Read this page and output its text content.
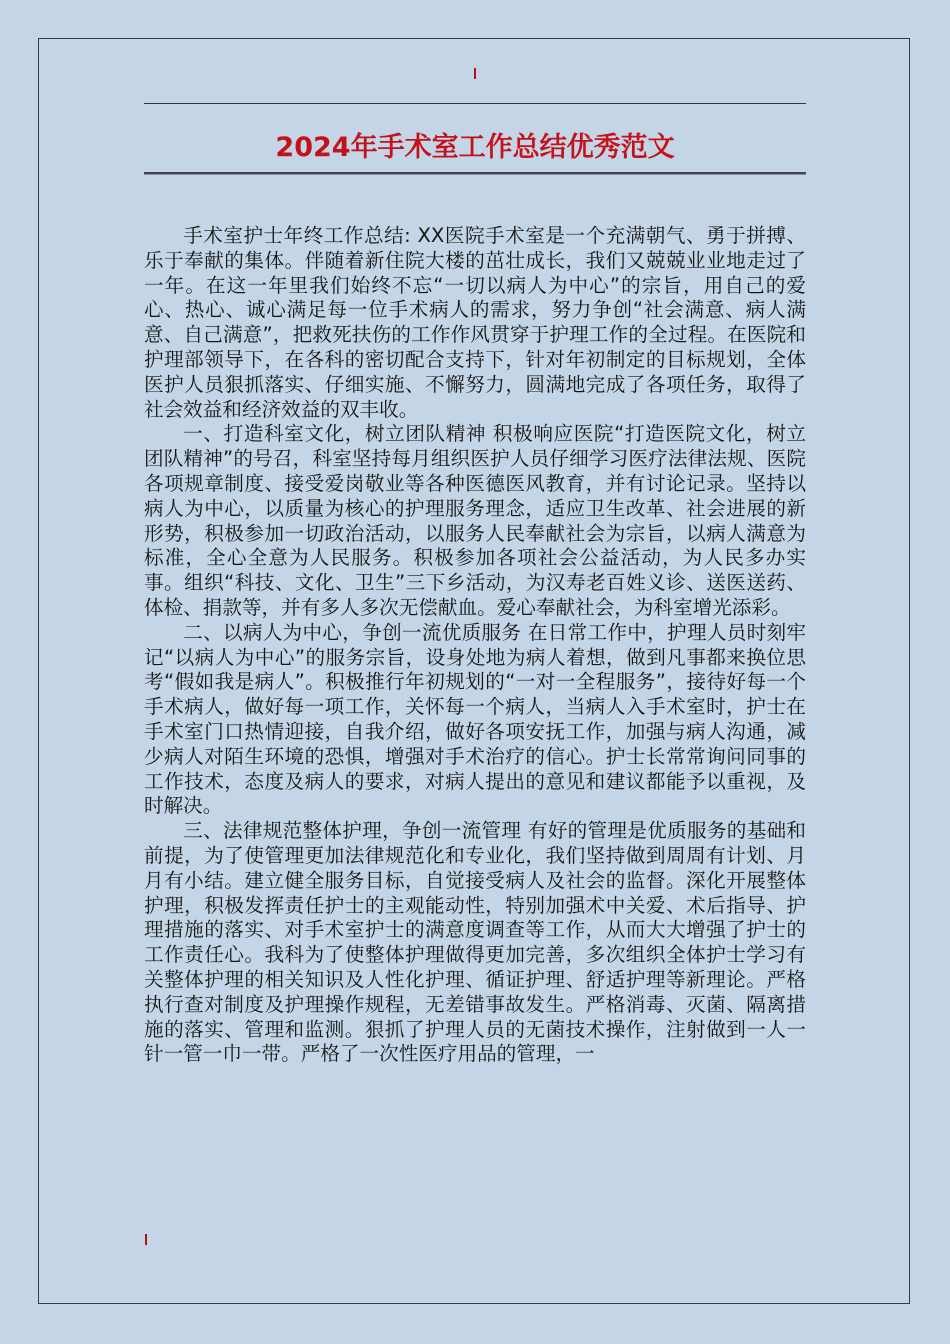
2024年手术室工作总结优秀范文

手术室护士年终工作总结: XX医院手术室是一个充满朝气、勇于拼搏、乐于奉献的集体。伴随着新住院大楼的茁壮成长，我们又兢兢业业地走过了一年。在这一年里我们始终不忘“一切以病人为中心”的宗旨，用自己的爱心、热心、诚心满足每一位手术病人的需求，努力争创“社会满意、病人满意、自己满意”，把救死扶伤的工作作风贯穿于护理工作的全过程。在医院和护理部领导下，在各科的密切配合支持下，针对年初制定的目标规划，全体医护人员狠抓落实、仔细实施、不懈努力，圆满地完成了各项任务，取得了社会效益和经济效益的双丰收。

一、打造科室文化，树立团队精神 积极响应医院“打造医院文化，树立团队精神”的号召，科室坚持每月组织医护人员仔细学习医疗法律法规、医院各项规章制度、接受爱岗敬业等各种医德医风教育，并有讨论记录。坚持以病人为中心，以质量为核心的护理服务理念，适应卫生改革、社会进展的新形势，积极参加一切政治活动，以服务人民奉献社会为宗旨，以病人满意为标准，全心全意为人民服务。积极参加各项社会公益活动，为人民多办实事。组织“科技、文化、卫生”三下乡活动，为汉寿老百姓义诊、送医送药、体检、捐款等，并有多人多次无偿献血。爱心奉献社会，为科室增光添彩。

二、以病人为中心，争创一流优质服务 在日常工作中，护理人员时刻牢记“以病人为中心”的服务宗旨，设身处地为病人着想，做到凡事都来换位思考“假如我是病人”。积极推行年初规划的“一对一全程服务”，接待好每一个手术病人，做好每一项工作，关怀每一个病人，当病人入手术室时，护士在手术室门口热情迎接，自我介绍，做好各项安抚工作，加强与病人沟通，减少病人对陌生环境的恐惧，增强对手术治疗的信心。护士长常常询问同事的工作技术，态度及病人的要求，对病人提出的意见和建议都能予以重视，及时解决。

三、法律规范整体护理，争创一流管理 有好的管理是优质服务的基础和前提，为了使管理更加法律规范化和专业化，我们坚持做到周周有计划、月月有小结。建立健全服务目标，自觉接受病人及社会的监督。深化开展整体护理，积极发挥责任护士的主观能动性，特别加强术中关爱、术后指导、护理措施的落实、对手术室护士的满意度调查等工作，从而大大增强了护士的工作责任心。我科为了使整体护理做得更加完善，多次组织全体护士学习有关整体护理的相关知识及人性化护理、循证护理、舒适护理等新理论。严格执行查对制度及护理操作规程，无差错事故发生。严格消毒、灭菌、隔离措施的落实、管理和监测。狠抓了护理人员的无菌技术操作，注射做到一人一针一管一巾一带。严格了一次性医疗用品的管理，一
